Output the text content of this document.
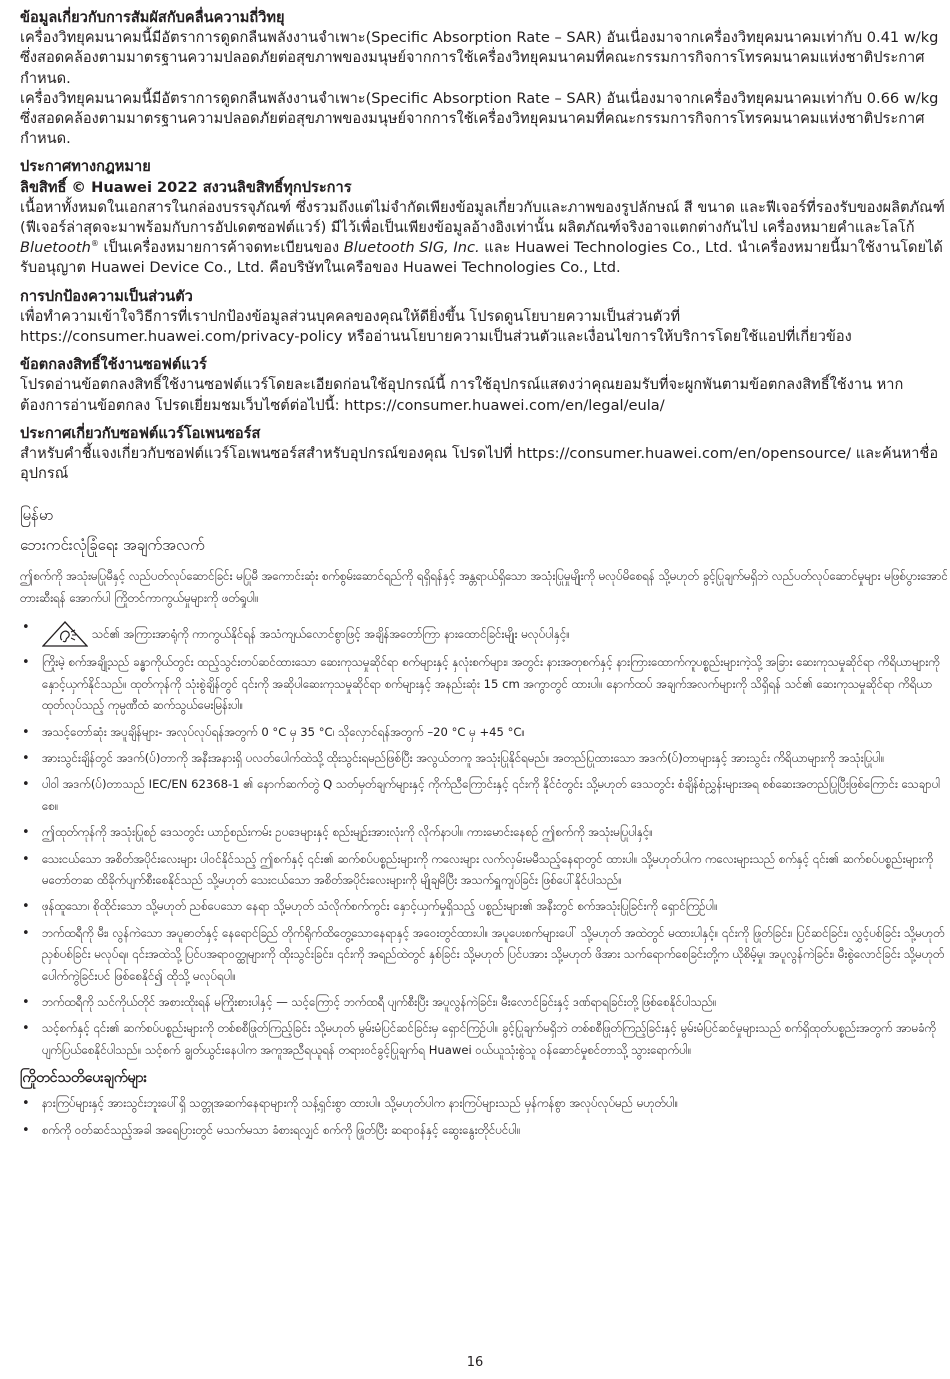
ข้อมูลเกี่ยวกับการสัมผัสกับคลื่นความถี่วิทยุ

เครื่องวิทยุคมนาคมนี้มีอัตราการดูดกลืนพลังงานจำเพาะ(Specific Absorption Rate – SAR) อันเนื่องมาจากเครื่องวิทยุคมนาคมเท่ากับ 0.41 w/kg ซึ่งสอดคล้องตามมาตรฐานความปลอดภัยต่อสุขภาพของมนุษย์จากการใช้เครื่องวิทยุคมนาคมที่คณะกรรมการกิจการโทรคมนาคมแห่งชาติประกาศกำหนด.

เครื่องวิทยุคมนาคมนี้มีอัตราการดูดกลืนพลังงานจำเพาะ(Specific Absorption Rate – SAR) อันเนื่องมาจากเครื่องวิทยุคมนาคมเท่ากับ 0.66 w/kg ซึ่งสอดคล้องตามมาตรฐานความปลอดภัยต่อสุขภาพของมนุษย์จากการใช้เครื่องวิทยุคมนาคมที่คณะกรรมการกิจการโทรคมนาคมแห่งชาติประกาศกำหนด.

ประกาศทางกฎหมาย
ลิขสิทธิ์ © Huawei 2022 สงวนลิขสิทธิ์ทุกประการ

เนื้อหาทั้งหมดในเอกสารในกล่องบรรจุภัณฑ์ ซึ่งรวมถึงแต่ไม่จำกัดเพียงข้อมูลเกี่ยวกับและภาพของรูปลักษณ์ สี ขนาด และฟีเจอร์ที่รองรับของผลิตภัณฑ์ (ฟีเจอร์ล่าสุดจะมาพร้อมกับการอัปเดตซอฟต์แวร์) มีไว้เพื่อเป็นเพียงข้อมูลอ้างอิงเท่านั้น ผลิตภัณฑ์จริงอาจแตกต่างกันไป เครื่องหมายคำและโลโก้ Bluetooth® เป็นเครื่องหมายการค้าจดทะเบียนของ Bluetooth SIG, Inc. และ Huawei Technologies Co., Ltd. นำเครื่องหมายนี้มาใช้งานโดยได้รับอนุญาต Huawei Device Co., Ltd. คือบริษัทในเครือของ Huawei Technologies Co., Ltd.

การปกป้องความเป็นส่วนตัว

เพื่อทำความเข้าใจวิธีการที่เราปกป้องข้อมูลส่วนบุคคลของคุณให้ดียิ่งขึ้น โปรดดูนโยบายความเป็นส่วนตัวที่ https://consumer.huawei.com/privacy-policy หรืออ่านนโยบายความเป็นส่วนตัวและเงื่อนไขการให้บริการโดยใช้แอปที่เกี่ยวข้อง

ข้อตกลงสิทธิ์ใช้งานซอฟต์แวร์

โปรดอ่านข้อตกลงสิทธิ์ใช้งานซอฟต์แวร์โดยละเอียดก่อนใช้อุปกรณ์นี้ การใช้อุปกรณ์แสดงว่าคุณยอมรับที่จะผูกพันตามข้อตกลงสิทธิ์ใช้งาน หากต้องการอ่านข้อตกลง โปรดเยี่ยมชมเว็บไซต์ต่อไปนี้: https://consumer.huawei.com/en/legal/eula/

ประกาศเกี่ยวกับซอฟต์แวร์โอเพนซอร์ส

สำหรับคำชี้แจงเกี่ยวกับซอฟต์แวร์โอเพนซอร์สสำหรับอุปกรณ์ของคุณ โปรดไปที่ https://consumer.huawei.com/en/opensource/ และค้นหาชื่ออุปกรณ์

မြန်မာ
ဘေးကင်းလုံခြုံရေး အချက်အလက်

ဤစက်ကို အသုံးမပြုမီနှင့် လည်ပတ်လုပ်ဆောင်ခြင်း မပြုမီ အကောင်းဆုံး စက်စွမ်းဆောင်ရည်ကို ရရှိရန်နှင့် အန္တရာယ်ရှိသော အသုံးပြုမှုမျိုးကို မလုပ်မိစေရန် သို့မဟုတ် ခွင့်ပြုချက်မရှိဘဲ လည်ပတ်လုပ်ဆောင်မှုများ မဖြစ်ပွားအောင် တားဆီးရန် အောက်ပါ ကြိုတင်ကာကွယ်မှုများကို ဖတ်ရှုပါ။

• သင်၏ အကြားအာရုံကို ကာကွယ်နိုင်ရန် အသံကျယ်လောင်စွာဖြင့် အချိန်အတော်ကြာ နားထောင်ခြင်းမျိုး မလုပ်ပါနှင့်။
• ကြိုးမဲ့ စက်အချို့သည် ခန္ဓာကိုယ်တွင်း ထည့်သွင်းတပ်ဆင်ထားသော ဆေးကုသမှုဆိုင်ရာ စက်များနှင့် နှလုံးစက်များ၊ အတွင်း နားအတုစက်နှင့် နားကြားထောက်ကူပစ္စည်းများကဲ့သို့ အခြား ဆေးကုသမှုဆိုင်ရာ ကိရိယာများကို နှောင့်ယှက်နိုင်သည်။ ထုတ်ကုန်ကို သုံးစွဲချိန်တွင် ၎င်းကို အဆိုပါဆေးကုသမှုဆိုင်ရာ စက်များနှင့် အနည်းဆုံး 15 cm အကွာတွင် ထားပါ။ နောက်ထပ် အချက်အလက်များကို သိရှိရန် သင်၏ ဆေးကုသမှုဆိုင်ရာ ကိရိယာထုတ်လုပ်သည့် ကုမ္ပဏီထံ ဆက်သွယ်မေးမြန်းပါ။
• အသင့်တော်ဆုံး အပူချိန်များ- အလုပ်လုပ်ရန်အတွက် 0 °C မှ 35 °C၊ သိုလှောင်ရန်အတွက် –20 °C မှ +45 °C။
• အားသွင်းချိန်တွင် အဒက်(ပ်)တာကို အနီးအနားရှိ ပလတ်ပေါက်ထဲသို့ ထိုးသွင်းရမည်ဖြစ်ပြီး အလွယ်တကူ အသုံးပြုနိုင်ရမည်။ အတည်ပြုထားသော အဒက်(ပ်)တာများနှင့် အားသွင်း ကိရိယာများကို အသုံးပြုပါ။
• ပါဝါ အဒက်(ပ်)တာသည် IEC/EN 62368-1 ၏ နောက်ဆက်တွဲ Q သတ်မှတ်ချက်များနှင့် ကိုက်ညီကြောင်းနှင့် ၎င်းကို နိုင်ငံတွင်း သို့မဟုတ် ဒေသတွင်း စံချိန်စံညွှန်းများအရ စစ်ဆေးအတည်ပြုပြီးဖြစ်ကြောင်း သေချာပါစေ။
• ဤထုတ်ကုန်ကို အသုံးပြုစဉ် ဒေသတွင်း ယာဉ်စည်းကမ်း ဥပဒေများနှင့် စည်းမျဉ်းအားလုံးကို လိုက်နာပါ။ ကားမောင်းနေစဉ် ဤစက်ကို အသုံးမပြုပါနှင့်။
• သေးငယ်သော အစိတ်အပိုင်းလေးများ ပါဝင်နိုင်သည့် ဤစက်နှင့် ၎င်း၏ ဆက်စပ်ပစ္စည်းများကို ကလေးများ လက်လှမ်းမမီသည့်နေရာတွင် ထားပါ။ သို့မဟုတ်ပါက ကလေးများသည် စက်နှင့် ၎င်း၏ ဆက်စပ်ပစ္စည်းများကို မတော်တဆ ထိခိုက်ပျက်စီးစေနိုင်သည် သို့မဟုတ် သေးငယ်သော အစိတ်အပိုင်းလေးများကို မျိုချမိပြီး အသက်ရှူကျပ်ခြင်း ဖြစ်ပေါ်နိုင်ပါသည်။
• ဖုန်ထူသော၊ စိုထိုင်းသော သို့မဟုတ် ညစ်ပေသော နေရာ သို့မဟုတ် သံလိုက်စက်ကွင်း နှောင့်ယှက်မှုရှိသည့် ပစ္စည်းများ၏ အနီးတွင် စက်အသုံးပြုခြင်းကို ရှောင်ကြဉ်ပါ။
• ဘက်ထရီကို မီး၊ လွန်ကဲသော အပူဓာတ်နှင့် နေရောင်ခြည် တိုက်ရိုက်ထိတွေ့သောနေရာနှင့် အဝေးတွင်ထားပါ။ အပူပေးစက်များပေါ် သို့မဟုတ် အထဲတွင် မထားပါနှင့်။ ၎င်းကို ဖြုတ်ခြင်း၊ ပြင်ဆင်ခြင်း၊ လွှင့်ပစ်ခြင်း သို့မဟုတ် ညှစ်ပစ်ခြင်း မလုပ်ရ။ ၎င်းအထဲသို့ ပြင်ပအရာဝတ္ထုများကို ထိုးသွင်းခြင်း၊ ၎င်းကို အရည်ထဲတွင် နှစ်ခြင်း သို့မဟုတ် ပြင်ပအား သို့မဟုတ် ဖိအား သက်ရောက်စေခြင်းတို့က ယိုစိမ့်မှု၊ အပူလွန်ကဲခြင်း၊ မီးစွဲလောင်ခြင်း သို့မဟုတ် ပေါက်ကွဲခြင်းပင် ဖြစ်စေနိုင်၍ ထိုသို့ မလုပ်ရပါ။
• ဘက်ထရီကို သင်ကိုယ်တိုင် အစားထိုးရန် မကြိုးစားပါနှင့် — သင့်ကြောင့် ဘက်ထရီ ပျက်စီးပြီး အပူလွန်ကဲခြင်း၊ မီးလောင်ခြင်းနှင့် ဒဏ်ရာရခြင်းတို့ ဖြစ်စေနိုင်ပါသည်။
• သင့်စက်နှင့် ၎င်း၏ ဆက်စပ်ပစ္စည်းများကို တစ်စစီဖြုတ်ကြည့်ခြင်း သို့မဟုတ် မွမ်းမံပြင်ဆင်ခြင်းမှ ရှောင်ကြဉ်ပါ။ ခွင့်ပြုချက်မရှိဘဲ တစ်စစီဖြုတ်ကြည့်ခြင်းနှင့် မွမ်းမံပြင်ဆင်မှုများသည် စက်ရှိထုတ်ပစ္စည်းအတွက် အာမခံကို ပျက်ပြယ်စေနိုင်ပါသည်။ သင့်စက် ချွတ်ယွင်းနေပါက အကူအညီရယူရန် တရားဝင်ခွင့်ပြုချက်ရ Huawei ဝယ်ယူသုံးစွဲသူ ဝန်ဆောင်မှုစင်တာသို့ သွားရောက်ပါ။
ကြိုတင်သတိပေးချက်များ
• နားကြပ်များနှင့် အားသွင်းဘူးပေါ်ရှိ သတ္တုအဆက်နေရာများကို သန့်ရှင်းစွာ ထားပါ။ သို့မဟုတ်ပါက နားကြပ်များသည် မှန်ကန်စွာ အလုပ်လုပ်မည် မဟုတ်ပါ။
• စက်ကို ဝတ်ဆင်သည့်အခါ အရေပြားတွင် မသက်မသာ ခံစားရလျှင် စက်ကို ဖြုတ်ပြီး ဆရာဝန်နှင့် ဆွေးနွေးတိုင်ပင်ပါ။
16
